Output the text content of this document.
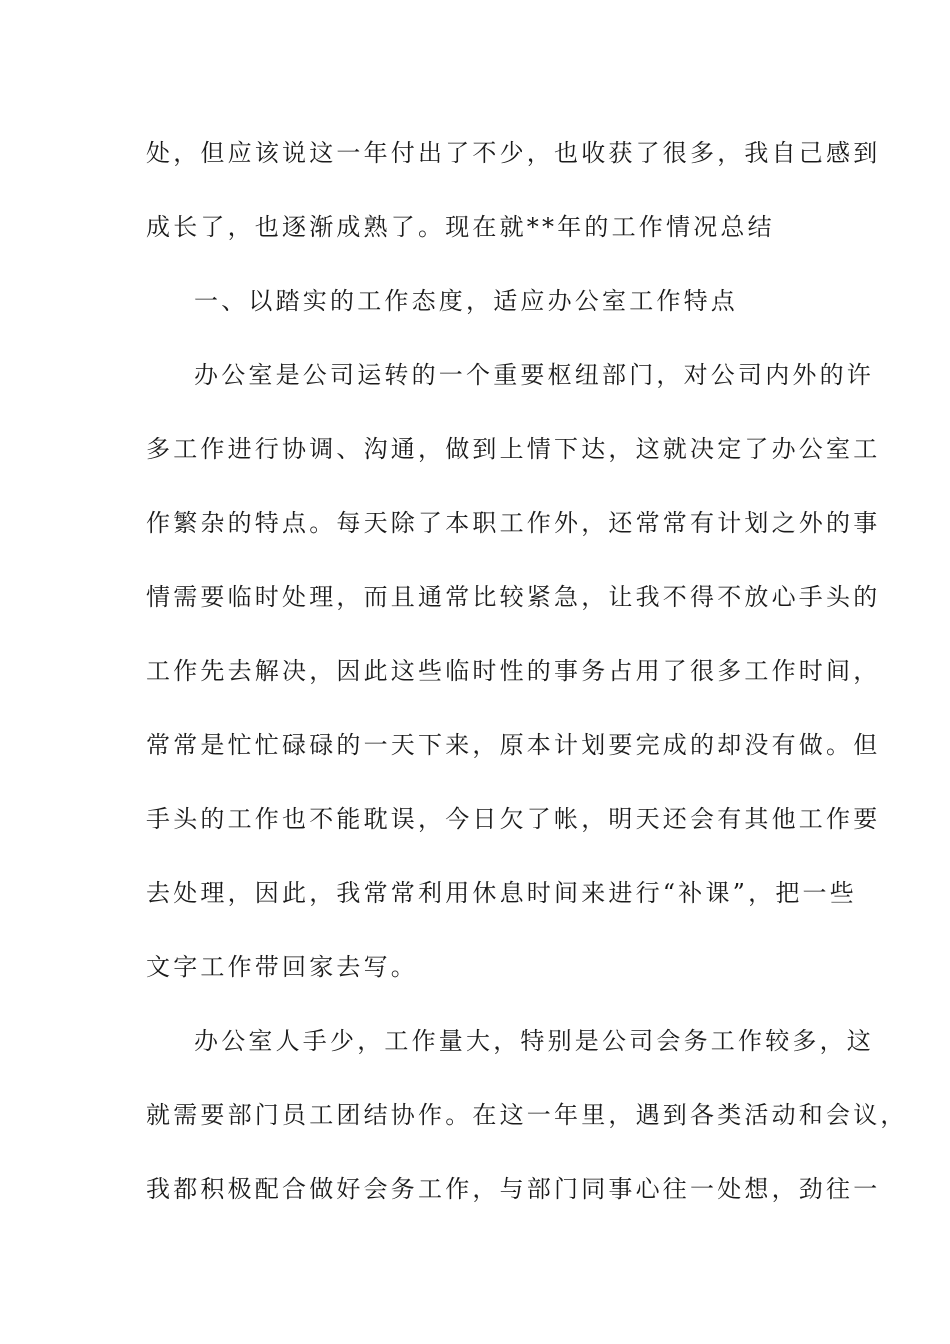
处，但应该说这一年付出了不少，也收获了很多，我自己感到
成长了，也逐渐成熟了。现在就**年的工作情况总结
一、以踏实的工作态度，适应办公室工作特点
办公室是公司运转的一个重要枢纽部门，对公司内外的许
多工作进行协调、沟通，做到上情下达，这就决定了办公室工
作繁杂的特点。每天除了本职工作外，还常常有计划之外的事
情需要临时处理，而且通常比较紧急，让我不得不放心手头的
工作先去解决，因此这些临时性的事务占用了很多工作时间，
常常是忙忙碌碌的一天下来，原本计划要完成的却没有做。但
手头的工作也不能耽误，今日欠了帐，明天还会有其他工作要
去处理，因此，我常常利用休息时间来进行“补课”，把一些
文字工作带回家去写。
办公室人手少，工作量大，特别是公司会务工作较多，这
就需要部门员工团结协作。在这一年里，遇到各类活动和会议，
我都积极配合做好会务工作，与部门同事心往一处想，劲往一
